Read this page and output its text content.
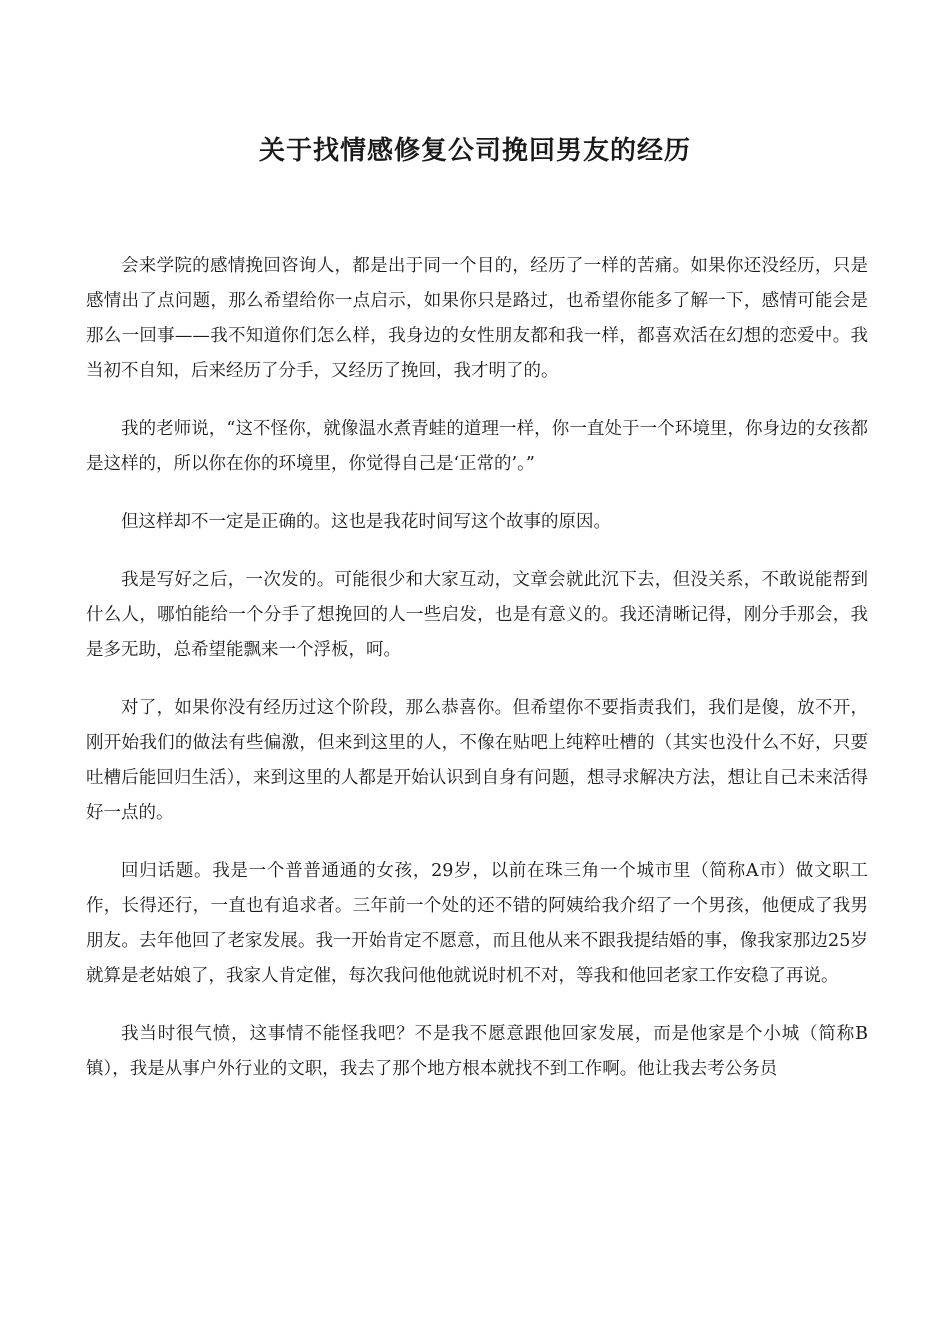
关于找情感修复公司挽回男友的经历

会来学院的感情挽回咨询人，都是出于同一个目的，经历了一样的苦痛。如果你还没经历，只是感情出了点问题，那么希望给你一点启示，如果你只是路过，也希望你能多了解一下，感情可能会是那么一回事——我不知道你们怎么样，我身边的女性朋友都和我一样，都喜欢活在幻想的恋爱中。我当初不自知，后来经历了分手，又经历了挽回，我才明了的。

我的老师说，“这不怪你，就像温水煮青蛙的道理一样，你一直处于一个环境里，你身边的女孩都是这样的，所以你在你的环境里，你觉得自己是‘正常的’。”

但这样却不一定是正确的。这也是我花时间写这个故事的原因。

我是写好之后，一次发的。可能很少和大家互动，文章会就此沉下去，但没关系，不敢说能帮到什么人，哪怕能给一个分手了想挽回的人一些启发，也是有意义的。我还清晰记得，刚分手那会，我是多无助，总希望能飘来一个浮板，呵。

对了，如果你没有经历过这个阶段，那么恭喜你。但希望你不要指责我们，我们是傻，放不开，刚开始我们的做法有些偏激，但来到这里的人，不像在贴吧上纯粹吐槽的（其实也没什么不好，只要吐槽后能回归生活），来到这里的人都是开始认识到自身有问题，想寻求解决方法，想让自己未来活得好一点的。

回归话题。我是一个普普通通的女孩，29岁，以前在珠三角一个城市里（简称A市）做文职工作，长得还行，一直也有追求者。三年前一个处的还不错的阿姨给我介绍了一个男孩，他便成了我男朋友。去年他回了老家发展。我一开始肯定不愿意，而且他从来不跟我提结婚的事，像我家那边25岁就算是老姑娘了，我家人肯定催，每次我问他他就说时机不对，等我和他回老家工作安稳了再说。

我当时很气愤，这事情不能怪我吧？不是我不愿意跟他回家发展，而是他家是个小城（简称B镇），我是从事户外行业的文职，我去了那个地方根本就找不到工作啊。他让我去考公务员
